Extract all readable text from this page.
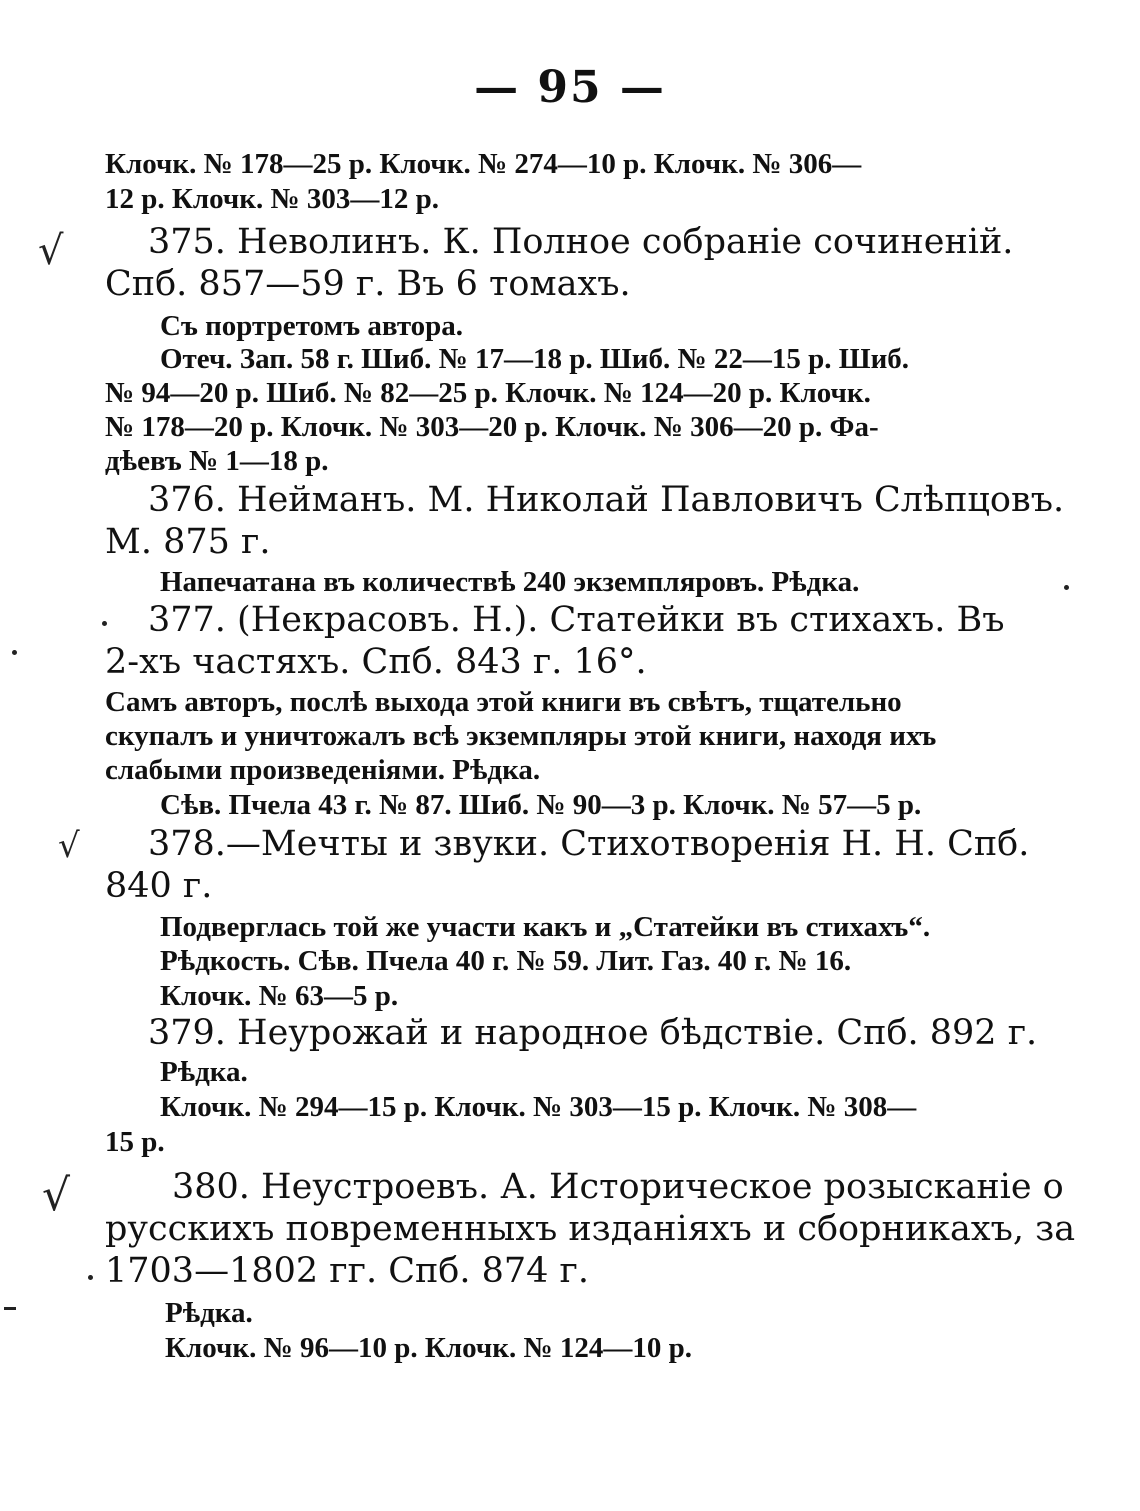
— 95 —
Клочк. № 178—25 р. Клочк. № 274—10 р. Клочк. № 306—
12 р. Клочк. № 303—12 р.
√ 375. Неволинъ. К. Полное собраніе сочиненій.
Спб. 857—59 г. Въ 6 томахъ.
Съ портретомъ автора.
Отеч. Зап. 58 г. Шиб. № 17—18 р. Шиб. № 22—15 р. Шиб.
№ 94—20 р. Шиб. № 82—25 р. Клочк. № 124—20 р. Клочк.
№ 178—20 р. Клочк. № 303—20 р. Клочк. № 306—20 р. Фа-
дѣевъ № 1—18 р.
376. Нейманъ. М. Николай Павловичъ Слѣпцовъ.
М. 875 г.
Напечатана въ количествѣ 240 экземпляровъ. Рѣдка.
377. (Некрасовъ. Н.). Статейки въ стихахъ. Въ
2-хъ частяхъ. Спб. 843 г. 16°.
Самъ авторъ, послѣ выхода этой книги въ свѣтъ, тщательно
скупалъ и уничтожалъ всѣ экземпляры этой книги, находя ихъ
слабыми произведеніями. Рѣдка.
Сѣв. Пчела 43 г. № 87. Шиб. № 90—3 р. Клочк. № 57—5 р.
√ 378.—Мечты и звуки. Стихотворенія Н. Н. Спб.
840 г.
Подверглась той же участи какъ и „Статейки въ стихахъ“.
Рѣдкость. Сѣв. Пчела 40 г. № 59. Лит. Газ. 40 г. № 16.
Клочк. № 63—5 р.
379. Неурожай и народное бѣдствіе. Спб. 892 г.
Рѣдка.
Клочк. № 294—15 р. Клочк. № 303—15 р. Клочк. № 308—
15 р.
√	380. Неустроевъ. А. Историческое розысканіе о
русскихъ повременныхъ изданіяхъ и сборникахъ, за
1703—1802 гг. Спб. 874 г.
Рѣдка.
Клочк. № 96—10 р. Клочк. № 124—10 р.
